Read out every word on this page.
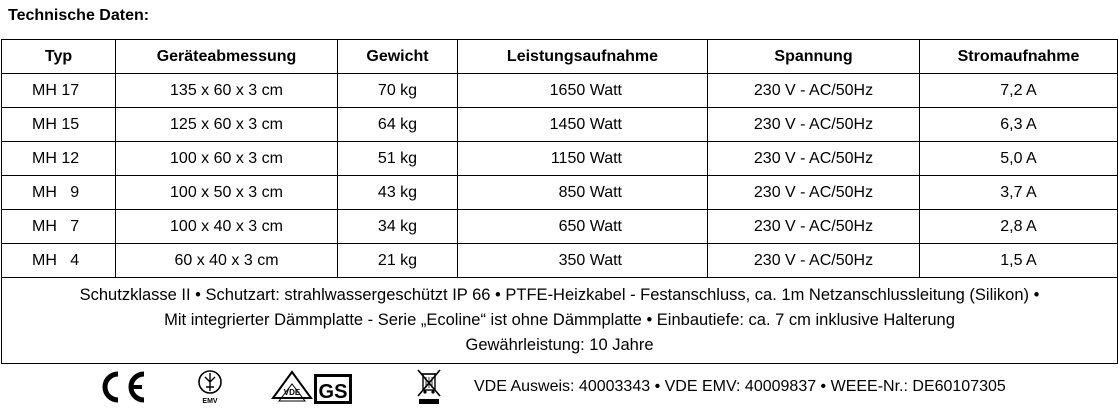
Technische Daten:
Typ	Geräteabmessung	Gewicht	Leistungsaufnahme	Spannung	Stromaufnahme
MH 17	135 x 60 x 3 cm	70 kg	1650 Watt	230 V - AC/50Hz	7,2 A
MH 15	125 x 60 x 3 cm	64 kg	1450 Watt	230 V - AC/50Hz	6,3 A
MH 12	100 x 60 x 3 cm	51 kg	1150 Watt	230 V - AC/50Hz	5,0 A
MH   9	100 x 50 x 3 cm	43 kg	850 Watt	230 V - AC/50Hz	3,7 A
MH   7	100 x 40 x 3 cm	34 kg	650 Watt	230 V - AC/50Hz	2,8 A
MH   4	60 x 40 x 3 cm	21 kg	350 Watt	230 V - AC/50Hz	1,5 A
Schutzklasse II • Schutzart: strahlwassergeschützt IP 66 • PTFE-Heizkabel - Festanschluss, ca. 1m Netzanschlussleitung (Silikon) •
Mit integrierter Dämmplatte - Serie „Ecoline“ ist ohne Dämmplatte • Einbautiefe: ca. 7 cm inklusive Halterung
Gewährleistung: 10 Jahre					
EMV
VDE GS	VDE Ausweis: 40003343 • VDE EMV: 40009837 • WEEE-Nr.: DE60107305
